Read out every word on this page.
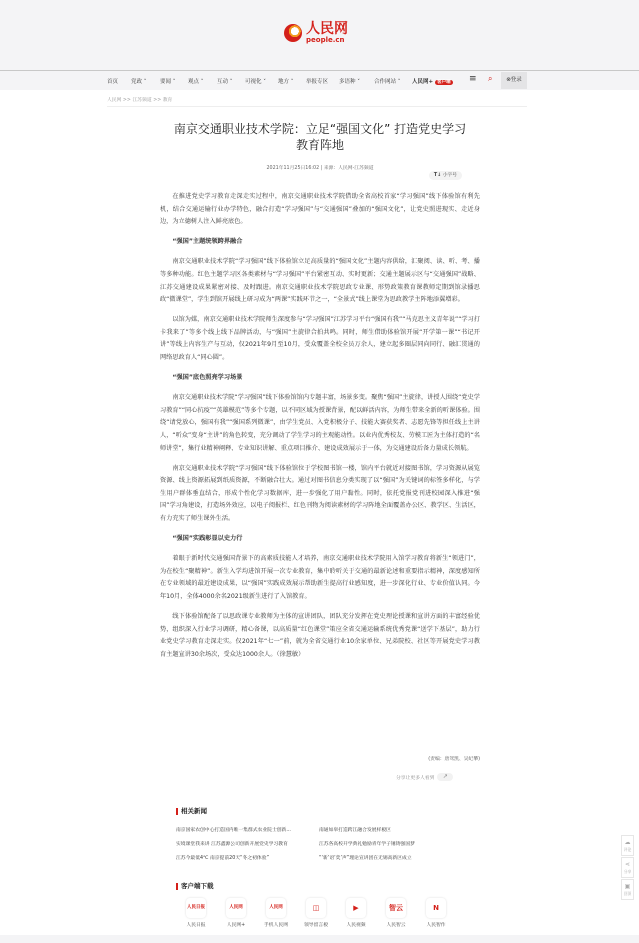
人民网
people.cn
人民网+ 客户端 ≡ ⌕	⊗登录
首页 党政 ˅ 要闻 ˅ 观点 ˅ 互动 ˅ 可视化 ˅ 地方 ˅ 举报专区 多语种 ˅	合作网站 ˅
人民网 >> 江苏频道 >> 教育
南京交通职业技术学院：立足“强国文化” 打造党史学习教育阵地
2021年11月25日16:02 | 来源：人民网-江苏频道
T↓ 小字号

在推进党史学习教育走深走实过程中，南京交通职业技术学院借助全省高校首家“学习强国”线下体验馆有利先机，结合交通运输行业办学特色，融合打造“学习强国”与“交通强国”叠加的“强国文化”，让党史照进现实、走近身边，为立德树人注入鲜亮底色。

“强国”主题统领跨界融合

南京交通职业技术学院“学习强国”线下体验馆立足高质量的“强国文化”主题内容供给，汇聚阅、读、听、考、播等多种功能。红色主题学习区各类素材与“学习强国”平台紧密互动、实时更新；交通主题展示区与“交通强国”战略、江苏交通建设成果紧密对接、及时跟进。南京交通职业技术学院思政专业课、形势政策教育课教师定期到馆录播思政“微课堂”，学生到馆开展线上研习成为“两课”实践环节之一，“全景式”线上课堂为思政教学主阵地添翼增彩。

以馆为媒，南京交通职业技术学院师生深度参与“学习强国”江苏学习平台“强国有我”“马克思主义青年说”“学习打卡我来了”等多个线上线下品牌活动，与“强国”主旋律合拍共鸣。同时，师生借助体验馆开展“开学第一课”“书记开讲”等线上内容生产与互动，仅2021年9月至10月，受众覆盖全校全员万余人，建立起多圈层同向同行、融汇贯通的网络思政育人“同心圆”。

“强国”底色照亮学习场景

南京交通职业技术学院“学习强国”线下体验馆馆内专题丰富，场景多变。聚焦“强国”主旋律，讲授人围绕“党史学习教育”“同心抗疫”“英雄模范”等多个专题，以不同区域为授课背景，配以鲜活内容，为师生带来全新的听课体验。围绕“请党放心，强国有我”“强国系列微课”，由学生党员、入党积极分子、技能大赛获奖者、志愿先锋等担任线上主讲人，“听众”变身“主讲”的角色转变，充分调动了学生学习的主观能动性。以业内优秀校友、劳模工匠为主体打造的“名师讲堂”，集行业精神阐释、专业知识讲解、重点项目推介、建设成效展示于一体，为交通建设后备力量成长领航。

南京交通职业技术学院“学习强国”线下体验馆位于学校图书馆一楼，馆内平台就近对接图书馆，学习资源从展览资源、线上资源拓展到纸质资源，不断融合壮大。通过对图书信息分类实现了以“强国”为关键词的标签多样化，与学生用户群体垂直结合，形成个性化学习数据库，进一步强化了用户黏性。同时，依托党报党刊进校园深入推进“强国”学习角建设，打造场外效应，以电子阅报栏、红色刊物为阅读素材的学习阵地全面覆盖办公区、教学区、生活区，有力充实了师生课外生活。

“强国”实践彰显以史力行

着眼于新时代交通强国背景下的高素质技能人才培养，南京交通职业技术学院用入馆学习教育将新生“领进门”，为在校生“聚精神”。新生入学均进馆开展一次专业教育，集中聆听关于交通的最新论述和重要指示精神，深度感知所在专业领域的最近建设成果，以“强国”实践成效展示帮助新生提高行业感知度，进一步深化行业、专业价值认同。今年10月，全体4000余名2021级新生进行了入馆教育。

线下体验馆配备了以思政课专业教师为主体的宣讲团队，团队充分发挥在党史理论授课和宣讲方面的丰富经验优势，组织深入行业学习调研，精心备课，以高质量“红色课堂”策应全省交通运输系统优秀党课“送学下基层”，助力行业党史学习教育走深走实。仅2021年“七一”前，就为全省交通行业10余家单位、兄弟院校、社区等开展党史学习教育主题宣讲30余场次，受众达1000余人。（徐慧敏）

(责编：唐驾凯、吴纪攀)
分享让更多人看到	↗
相关新闻
南京国家农创中心打造国内唯一集群式农业院士创新...	南通如皋打造跨江融合发展样板区
实境课堂我来讲 江苏鑫源公司创新开展党史学习教育	江苏各高校开学典礼勉励青年学子锤铸强国梦
江苏今最低4℃ 南京提前20天“冬之初体验”	“‘新’语‘奕’声”理论宣讲团在无锡高新区成立
客户端下载
人民日报
人民日报
人民网
人民网+
人民网
手机人民网
◫
领导留言板
▶
人民视频
智云
人民智云
N
人民智作
☁
评论
⋖
分享
▣
回顶
